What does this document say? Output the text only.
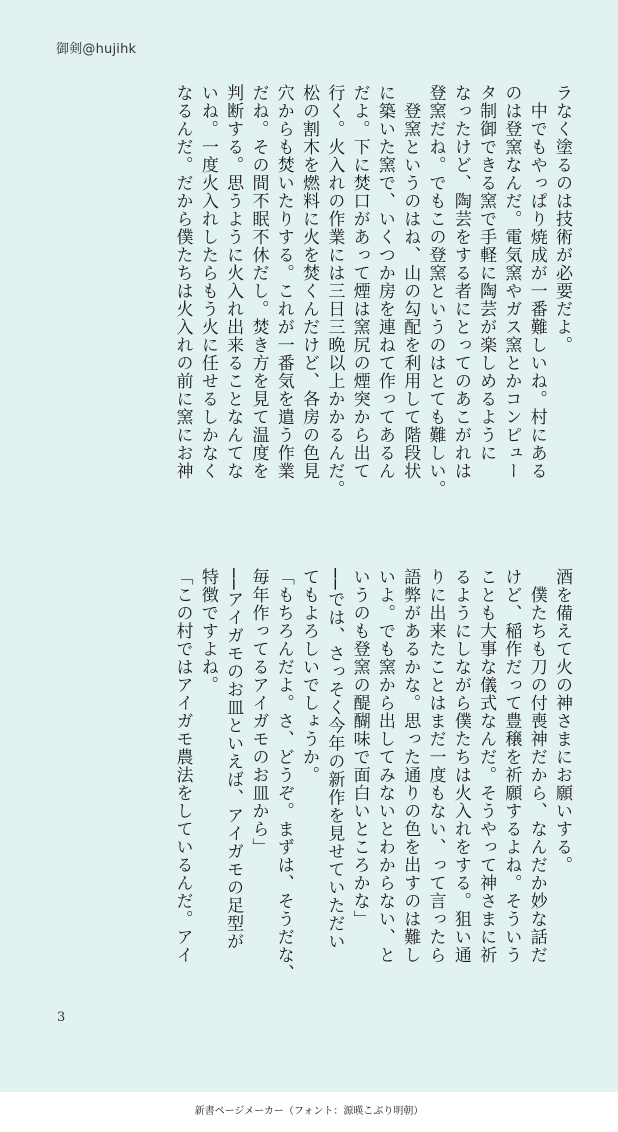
御剣@hujihk
ラなく塗るのは技術が必要だよ。
　中でもやっぱり焼成が一番難しいね。村にある
のは登窯なんだ。電気窯やガス窯とかコンピュー
タ制御できる窯で手軽に陶芸が楽しめるように
なったけど、陶芸をする者にとってのあこがれは
登窯だね。でもこの登窯というのはとても難しい。
　登窯というのはね、山の勾配を利用して階段状
に築いた窯で、いくつか房を連ねて作ってあるん
だよ。下に焚口があって煙は窯尻の煙突から出て
行く。火入れの作業には三日三晩以上かかるんだ。
松の割木を燃料に火を焚くんだけど、各房の色見
穴からも焚いたりする。これが一番気を遣う作業
だね。その間不眠不休だし。焚き方を見て温度を
判断する。思うように火入れ出来ることなんてな
いね。一度火入れしたらもう火に任せるしかなく
なるんだ。だから僕たちは火入れの前に窯にお神
酒を備えて火の神さまにお願いする。
　僕たちも刀の付喪神だから、なんだか妙な話だ
けど、稲作だって豊穣を祈願するよね。そういう
ことも大事な儀式なんだ。そうやって神さまに祈
るようにしながら僕たちは火入れをする。狙い通
りに出来たことはまだ一度もない、って言ったら
語弊があるかな。思った通りの色を出すのは難し
いよ。でも窯から出してみないとわからない、と
いうのも登窯の醍醐味で面白いところかな」
──では、さっそく今年の新作を見せていただい
てもよろしいでしょうか。
「もちろんだよ。さ、どうぞ。まずは、そうだな、
毎年作ってるアイガモのお皿から」
──アイガモのお皿といえば、アイガモの足型が
特徴ですよね。
「この村ではアイガモ農法をしているんだ。アイ
3
新書ページメーカー（フォント：源暎こぶり明朝）
